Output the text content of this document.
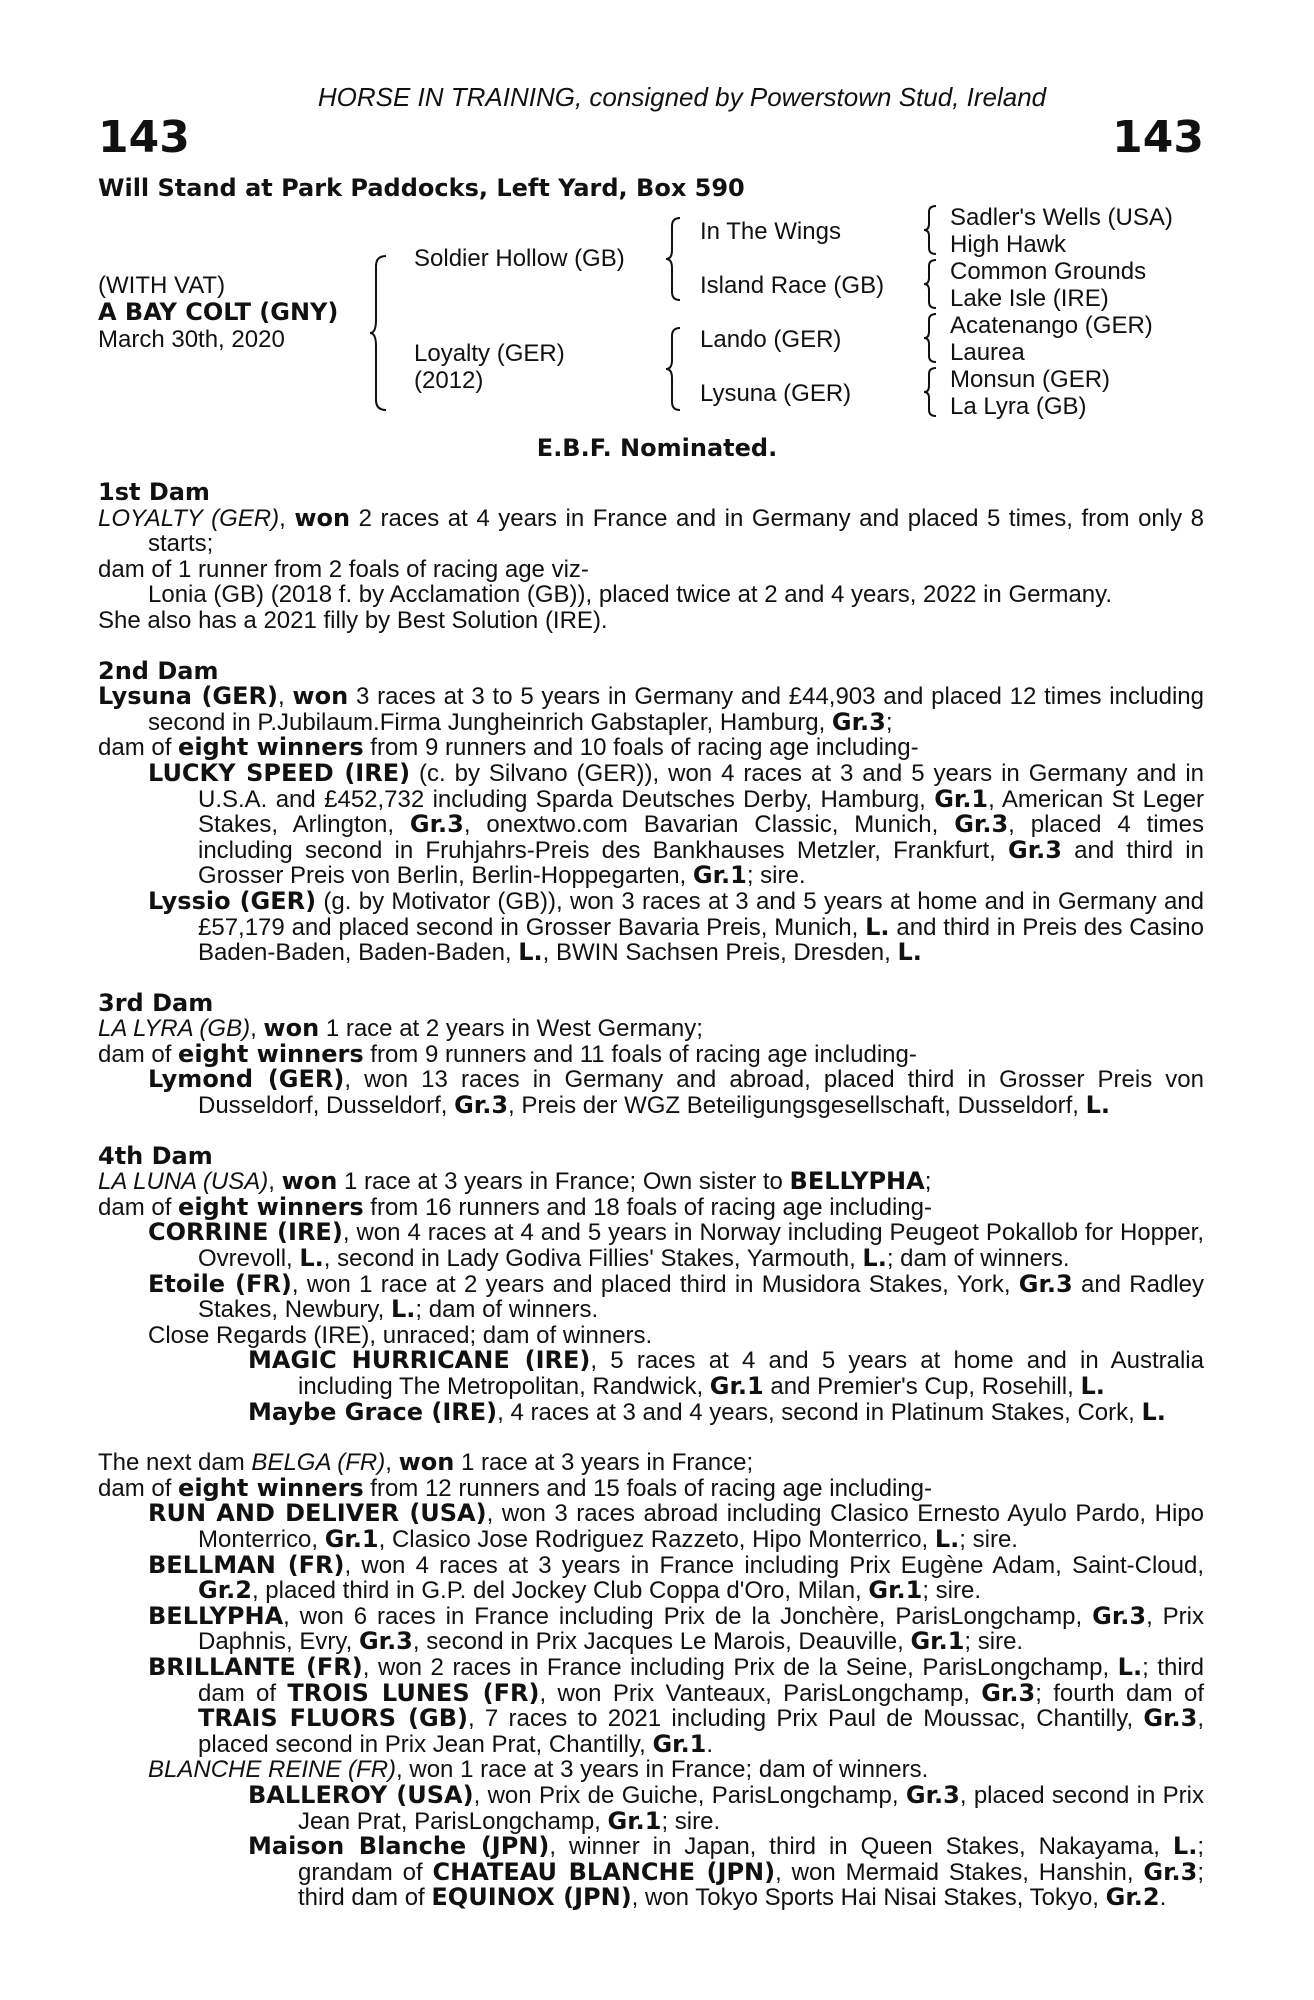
HORSE IN TRAINING, consigned by Powerstown Stud, Ireland
143	143
Will Stand at Park Paddocks, Left Yard, Box 590
(WITH VAT)
A BAY COLT (GNY)
March 30th, 2020
Soldier Hollow (GB)
Loyalty (GER)
(2012)
In The Wings
Island Race (GB)
Lando (GER)
Lysuna (GER)
Sadler's Wells (USA)
High Hawk
Common Grounds
Lake Isle (IRE)
Acatenango (GER)
Laurea
Monsun (GER)
La Lyra (GB)
E.B.F. Nominated.

1st Dam

LOYALTY (GER), won 2 races at 4 years in France and in Germany and placed 5 times, from only 8 starts;

dam of 1 runner from 2 foals of racing age viz-

Lonia (GB) (2018 f. by Acclamation (GB)), placed twice at 2 and 4 years, 2022 in Germany.

She also has a 2021 filly by Best Solution (IRE).

2nd Dam

Lysuna (GER), won 3 races at 3 to 5 years in Germany and £44,903 and placed 12 times including second in P.Jubilaum.Firma Jungheinrich Gabstapler, Hamburg, Gr.3;

dam of eight winners from 9 runners and 10 foals of racing age including-

LUCKY SPEED (IRE) (c. by Silvano (GER)), won 4 races at 3 and 5 years in Germany and in U.S.A. and £452,732 including Sparda Deutsches Derby, Hamburg, Gr.1, American St Leger Stakes, Arlington, Gr.3, onextwo.com Bavarian Classic, Munich, Gr.3, placed 4 times including second in Fruhjahrs-Preis des Bankhauses Metzler, Frankfurt, Gr.3 and third in Grosser Preis von Berlin, Berlin-Hoppegarten, Gr.1; sire.

Lyssio (GER) (g. by Motivator (GB)), won 3 races at 3 and 5 years at home and in Germany and £57,179 and placed second in Grosser Bavaria Preis, Munich, L. and third in Preis des Casino Baden-Baden, Baden-Baden, L., BWIN Sachsen Preis, Dresden, L.

3rd Dam

LA LYRA (GB), won 1 race at 2 years in West Germany;

dam of eight winners from 9 runners and 11 foals of racing age including-

Lymond (GER), won 13 races in Germany and abroad, placed third in Grosser Preis von Dusseldorf, Dusseldorf, Gr.3, Preis der WGZ Beteiligungsgesellschaft, Dusseldorf, L.

4th Dam

LA LUNA (USA), won 1 race at 3 years in France; Own sister to BELLYPHA;

dam of eight winners from 16 runners and 18 foals of racing age including-

CORRINE (IRE), won 4 races at 4 and 5 years in Norway including Peugeot Pokallob for Hopper, Ovrevoll, L., second in Lady Godiva Fillies' Stakes, Yarmouth, L.; dam of winners.

Etoile (FR), won 1 race at 2 years and placed third in Musidora Stakes, York, Gr.3 and Radley Stakes, Newbury, L.; dam of winners.

Close Regards (IRE), unraced; dam of winners.

MAGIC HURRICANE (IRE), 5 races at 4 and 5 years at home and in Australia including The Metropolitan, Randwick, Gr.1 and Premier's Cup, Rosehill, L.

Maybe Grace (IRE), 4 races at 3 and 4 years, second in Platinum Stakes, Cork, L.

The next dam BELGA (FR), won 1 race at 3 years in France;

dam of eight winners from 12 runners and 15 foals of racing age including-

RUN AND DELIVER (USA), won 3 races abroad including Clasico Ernesto Ayulo Pardo, Hipo Monterrico, Gr.1, Clasico Jose Rodriguez Razzeto, Hipo Monterrico, L.; sire.

BELLMAN (FR), won 4 races at 3 years in France including Prix Eugène Adam, Saint-Cloud, Gr.2, placed third in G.P. del Jockey Club Coppa d'Oro, Milan, Gr.1; sire.

BELLYPHA, won 6 races in France including Prix de la Jonchère, ParisLongchamp, Gr.3, Prix Daphnis, Evry, Gr.3, second in Prix Jacques Le Marois, Deauville, Gr.1; sire.

BRILLANTE (FR), won 2 races in France including Prix de la Seine, ParisLongchamp, L.; third dam of TROIS LUNES (FR), won Prix Vanteaux, ParisLongchamp, Gr.3; fourth dam of TRAIS FLUORS (GB), 7 races to 2021 including Prix Paul de Moussac, Chantilly, Gr.3, placed second in Prix Jean Prat, Chantilly, Gr.1.

BLANCHE REINE (FR), won 1 race at 3 years in France; dam of winners.

BALLEROY (USA), won Prix de Guiche, ParisLongchamp, Gr.3, placed second in Prix Jean Prat, ParisLongchamp, Gr.1; sire.

Maison Blanche (JPN), winner in Japan, third in Queen Stakes, Nakayama, L.; grandam of CHATEAU BLANCHE (JPN), won Mermaid Stakes, Hanshin, Gr.3; third dam of EQUINOX (JPN), won Tokyo Sports Hai Nisai Stakes, Tokyo, Gr.2.
